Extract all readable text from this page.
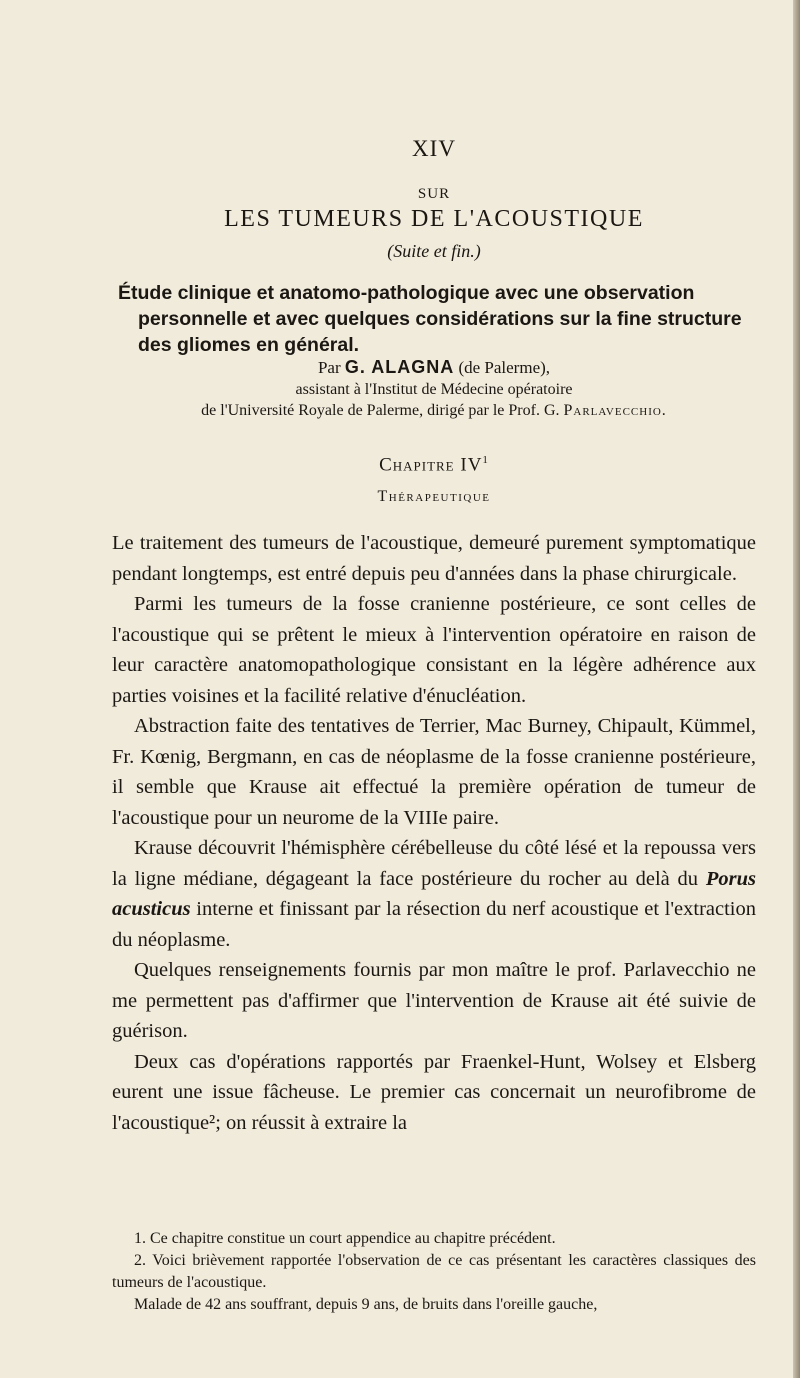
XIV
SUR
LES TUMEURS DE L'ACOUSTIQUE
(Suite et fin.)
Étude clinique et anatomo-pathologique avec une observation personnelle et avec quelques considérations sur la fine structure des gliomes en général.
Par G. ALAGNA (de Palerme),
assistant à l'Institut de Médecine opératoire
de l'Université Royale de Palerme, dirigé par le Prof. G. Parlavecchio.
Chapitre $IV^1$
Thérapeutique

Le traitement des tumeurs de l'acoustique, demeuré purement symptomatique pendant longtemps, est entré depuis peu d'années dans la phase chirurgicale.

Parmi les tumeurs de la fosse cranienne postérieure, ce sont celles de l'acoustique qui se prêtent le mieux à l'intervention opératoire en raison de leur caractère anatomopathologique consistant en la légère adhérence aux parties voisines et la facilité relative d'énucléation.

Abstraction faite des tentatives de Terrier, Mac Burney, Chipault, Kümmel, Fr. Kœnig, Bergmann, en cas de néoplasme de la fosse cranienne postérieure, il semble que Krause ait effectué la première opération de tumeur de l'acoustique pour un neurome de la VIIIe paire.

Krause découvrit l'hémisphère cérébelleuse du côté lésé et la repoussa vers la ligne médiane, dégageant la face postérieure du rocher au delà du Porus acusticus interne et finissant par la résection du nerf acoustique et l'extraction du néoplasme.

Quelques renseignements fournis par mon maître le prof. Parlavecchio ne me permettent pas d'affirmer que l'intervention de Krause ait été suivie de guérison.

Deux cas d'opérations rapportés par Fraenkel-Hunt, Wolsey et Elsberg eurent une issue fâcheuse. Le premier cas concernait un neurofibrome de l'acoustique²; on réussit à extraire la

1. Ce chapitre constitue un court appendice au chapitre précédent.

2. Voici brièvement rapportée l'observation de ce cas présentant les caractères classiques des tumeurs de l'acoustique.

Malade de 42 ans souffrant, depuis 9 ans, de bruits dans l'oreille gauche,
